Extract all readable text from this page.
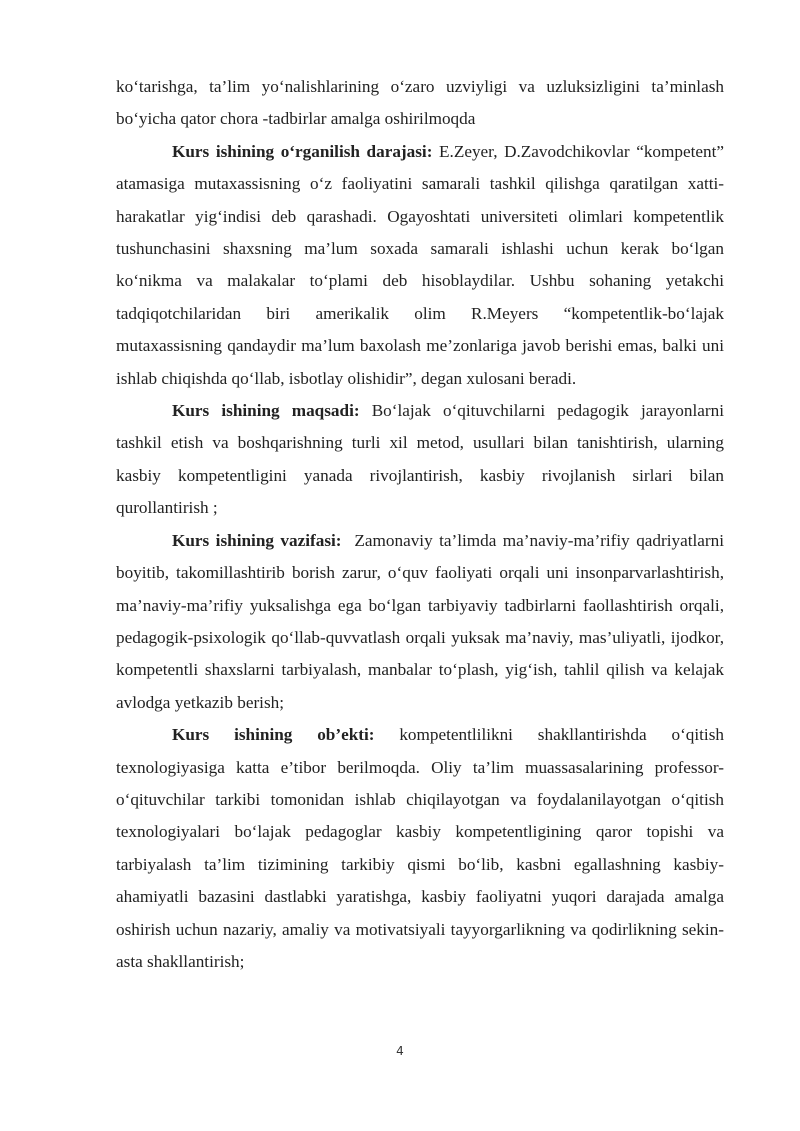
ko‘tarishga, ta’lim yo‘nalishlarining o‘zaro uzviyligi va uzluksizligini ta’minlash bo‘yicha qator chora -tadbirlar amalga oshirilmoqda

Kurs ishining o‘rganilish darajasi: E.Zeyer, D.Zavodchikovlar “kompetent” atamasiga mutaxassisning o‘z faoliyatini samarali tashkil qilishga qaratilgan xatti-harakatlar yig‘indisi deb qarashadi. Ogayoshtati universiteti olimlari kompetentlik tushunchasini shaxsning ma’lum soxada samarali ishlashi uchun kerak bo‘lgan ko‘nikma va malakalar to‘plami deb hisoblaydilar. Ushbu sohaning yetakchi tadqiqotchilaridan biri amerikalik olim R.Meyers “kompetentlik-bo‘lajak mutaxassisning qandaydir ma’lum baxolash me’zonlariga javob berishi emas, balki uni ishlab chiqishda qo‘llab, isbotlay olishidir”, degan xulosani beradi.

Kurs ishining maqsadi: Bo‘lajak o‘qituvchilarni pedagogik jarayonlarni tashkil etish va boshqarishning turli xil metod, usullari bilan tanishtirish, ularning kasbiy kompetentligini yanada rivojlantirish, kasbiy rivojlanish sirlari bilan qurollantirish ;

Kurs ishining vazifasi:  Zamonaviy ta’limda ma’naviy-ma’rifiy qadriyatlarni boyitib, takomillashtirib borish zarur, o‘quv faoliyati orqali uni insonparvarlashtirish, ma’naviy-ma’rifiy yuksalishga ega bo‘lgan tarbiyaviy tadbirlarni faollashtirish orqali, pedagogik-psixologik qo‘llab-quvvatlash orqali yuksak ma’naviy, mas’uliyatli, ijodkor, kompetentli shaxslarni tarbiyalash, manbalar to‘plash, yig‘ish, tahlil qilish va kelajak avlodga yetkazib berish;

Kurs ishining ob’ekti: kompetentlilikni shakllantirishda o‘qitish texnologiyasiga katta e’tibor berilmoqda. Oliy ta’lim muassasalarining professor-o‘qituvchilar tarkibi tomonidan ishlab chiqilayotgan va foydalanilayotgan o‘qitish texnologiyalari bo‘lajak pedagoglar kasbiy kompetentligining qaror topishi va tarbiyalash ta’lim tizimining tarkibiy qismi bo‘lib, kasbni egallashning kasbiy-ahamiyatli bazasini dastlabki yaratishga, kasbiy faoliyatni yuqori darajada amalga oshirish uchun nazariy, amaliy va motivatsiyali tayyorgarlikning va qodirlikning sekin-asta shakllantirish;

4
